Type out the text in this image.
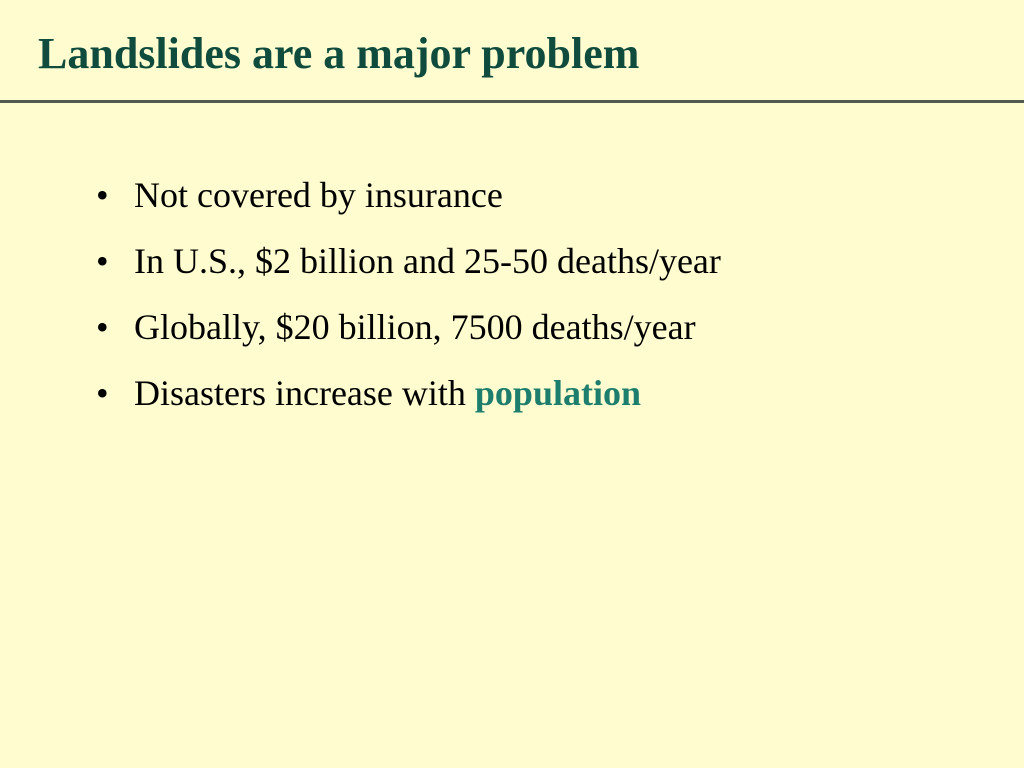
Landslides are a major problem
• Not covered by insurance
• In U.S., $2 billion and 25-50 deaths/year
• Globally, $20 billion, 7500 deaths/year
• Disasters increase with population
